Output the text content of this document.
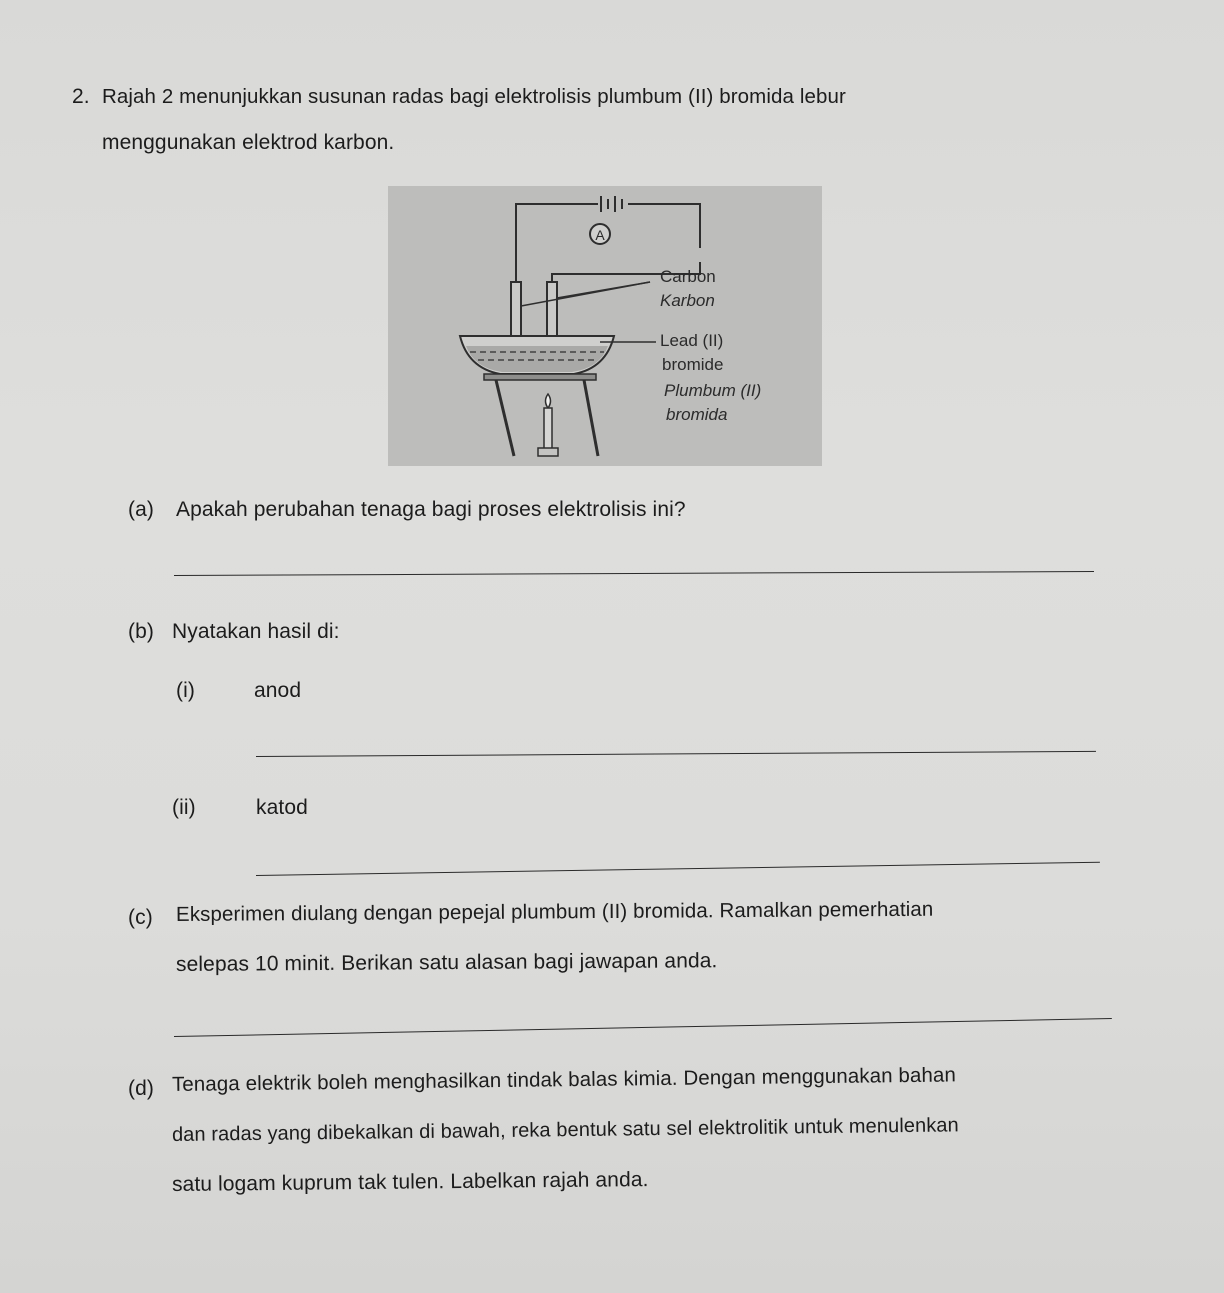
2. Rajah 2 menunjukkan susunan radas bagi elektrolisis plumbum (II) bromida lebur
menggunakan elektrod karbon.
A
Carbon
Karbon
Lead (II)
bromide
Plumbum (II)
bromida
(a) Apakah perubahan tenaga bagi proses elektrolisis ini?
(b) Nyatakan hasil di:
(i)	anod
(ii)	katod
(c) Eksperimen diulang dengan pepejal plumbum (II) bromida. Ramalkan pemerhatian
selepas 10 minit. Berikan satu alasan bagi jawapan anda.
(d) Tenaga elektrik boleh menghasilkan tindak balas kimia. Dengan menggunakan bahan
dan radas yang dibekalkan di bawah, reka bentuk satu sel elektrolitik untuk menulenkan
satu logam kuprum tak tulen. Labelkan rajah anda.
